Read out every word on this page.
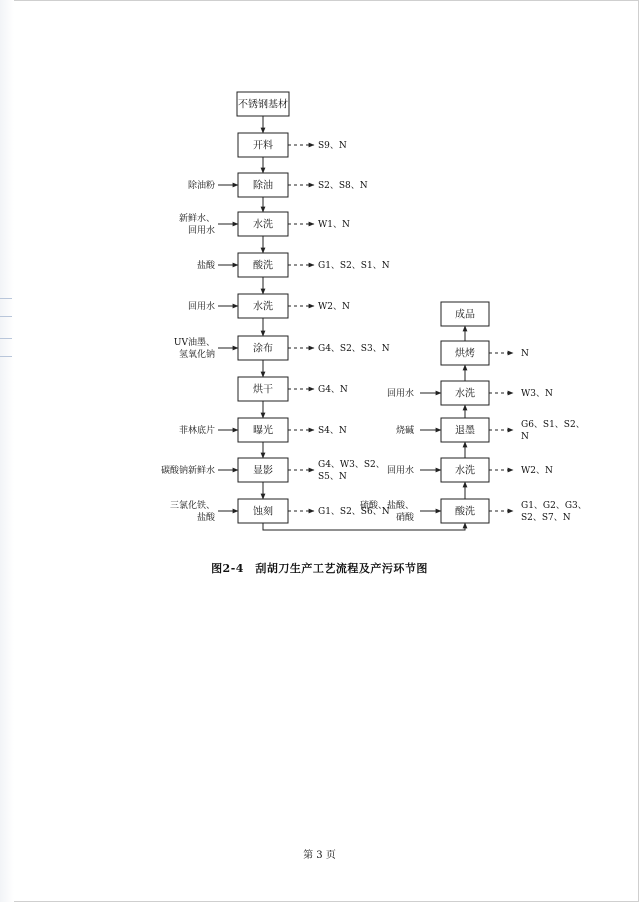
不锈钢基材
开料	S9、N
除油
除油粉	S2、S8、N
水洗
新鲜水、回用水
W1、N
酸洗
盐酸	G1、S2、S1、N
水洗
回用水	W2、N
涂布
UV油墨、氢氧化钠
G4、S2、S3、N
烘干	G4、N
曝光
菲林底片	S4、N
显影
碳酸钠新鲜水
G4、W3、S2、 S5、N
蚀刻
三氯化铁、盐酸
G1、S2、S6、N
成品
烘烤	N
水洗
回用水	W3、N
退墨
烧碱
G6、S1、S2、 N
水洗
回用水	W2、N
酸洗
硫酸、盐酸、硝酸
G1、G2、G3、 S2、S7、N
图2-4　刮胡刀生产工艺流程及产污环节图
第 3 页
